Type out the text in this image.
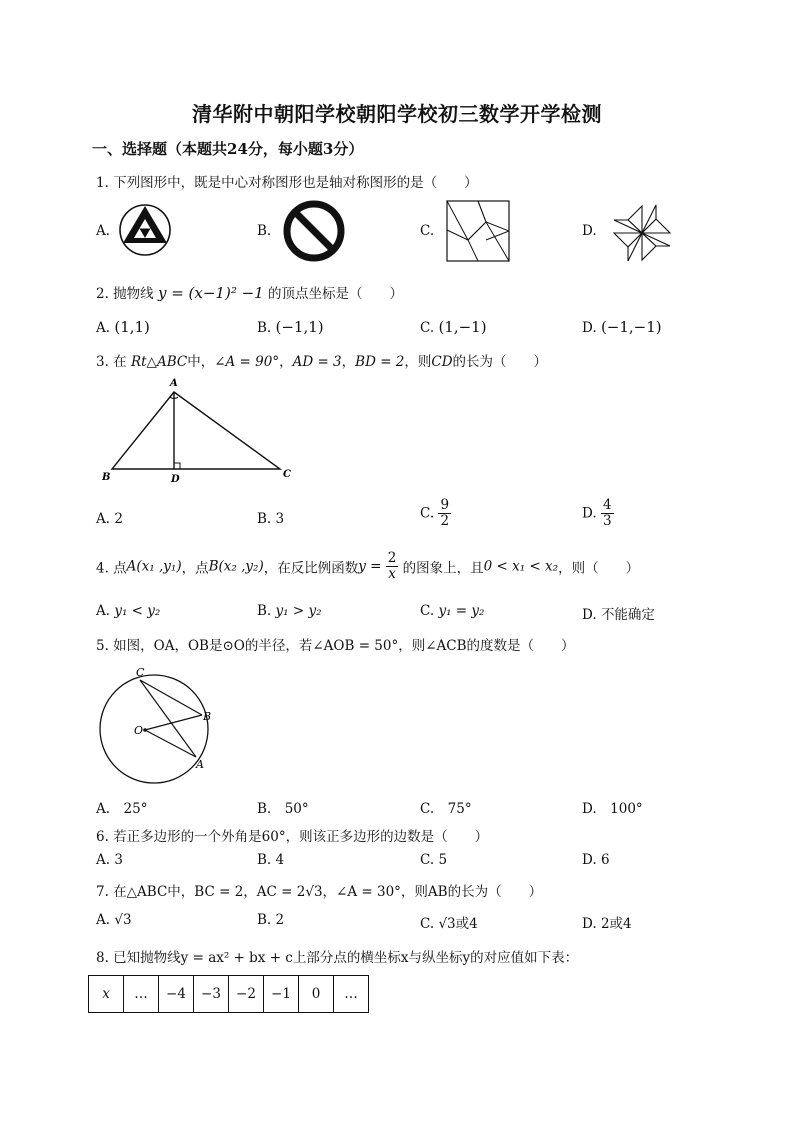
清华附中朝阳学校朝阳学校初三数学开学检测
一、选择题（本题共24分，每小题3分）
1. 下列图形中，既是中心对称图形也是轴对称图形的是（　　）
A.	B.	C.	D.
2. 抛物线 y = (x−1)² −1 的顶点坐标是（　　）
A. (1,1)	B. (−1,1)	C. (1,−1)	D. (−1,−1)
3. 在 Rt△ABC中，∠A = 90°，AD = 3，BD = 2，则CD的长为（　　）
A
B	C
D
A. 2	B. 3	C. $\frac{9}{2}$	D. $\frac{4}{3}$
4. 点A(x₁ ,y₁)，点B(x₂ ,y₂)，在反比例函数$y = \frac{2}{x}$ 的图象上，且0 < x₁ < x₂，则（　　）
A. y₁ < y₂	B. y₁ > y₂	C. y₁ = y₂	D. 不能确定
5. 如图，OA，OB是⊙O的半径，若∠AOB = 50°，则∠ACB的度数是（　　）
C
B
O
A
A.　 25°	B.　 50°	C.　 75°	D.　 100°
6. 若正多边形的一个外角是60°，则该正多边形的边数是（　　）
A. 3	B. 4	C. 5	D. 6
7. 在△ABC中，BC = 2，AC = 2√3，∠A = 30°，则AB的长为（　　）
A. √3	B. 2	C. √3或4	D. 2或4
8. 已知抛物线y = ax² + bx + c上部分点的横坐标x与纵坐标y的对应值如下表：
x	…	−4	−3	−2	−1	0	…
